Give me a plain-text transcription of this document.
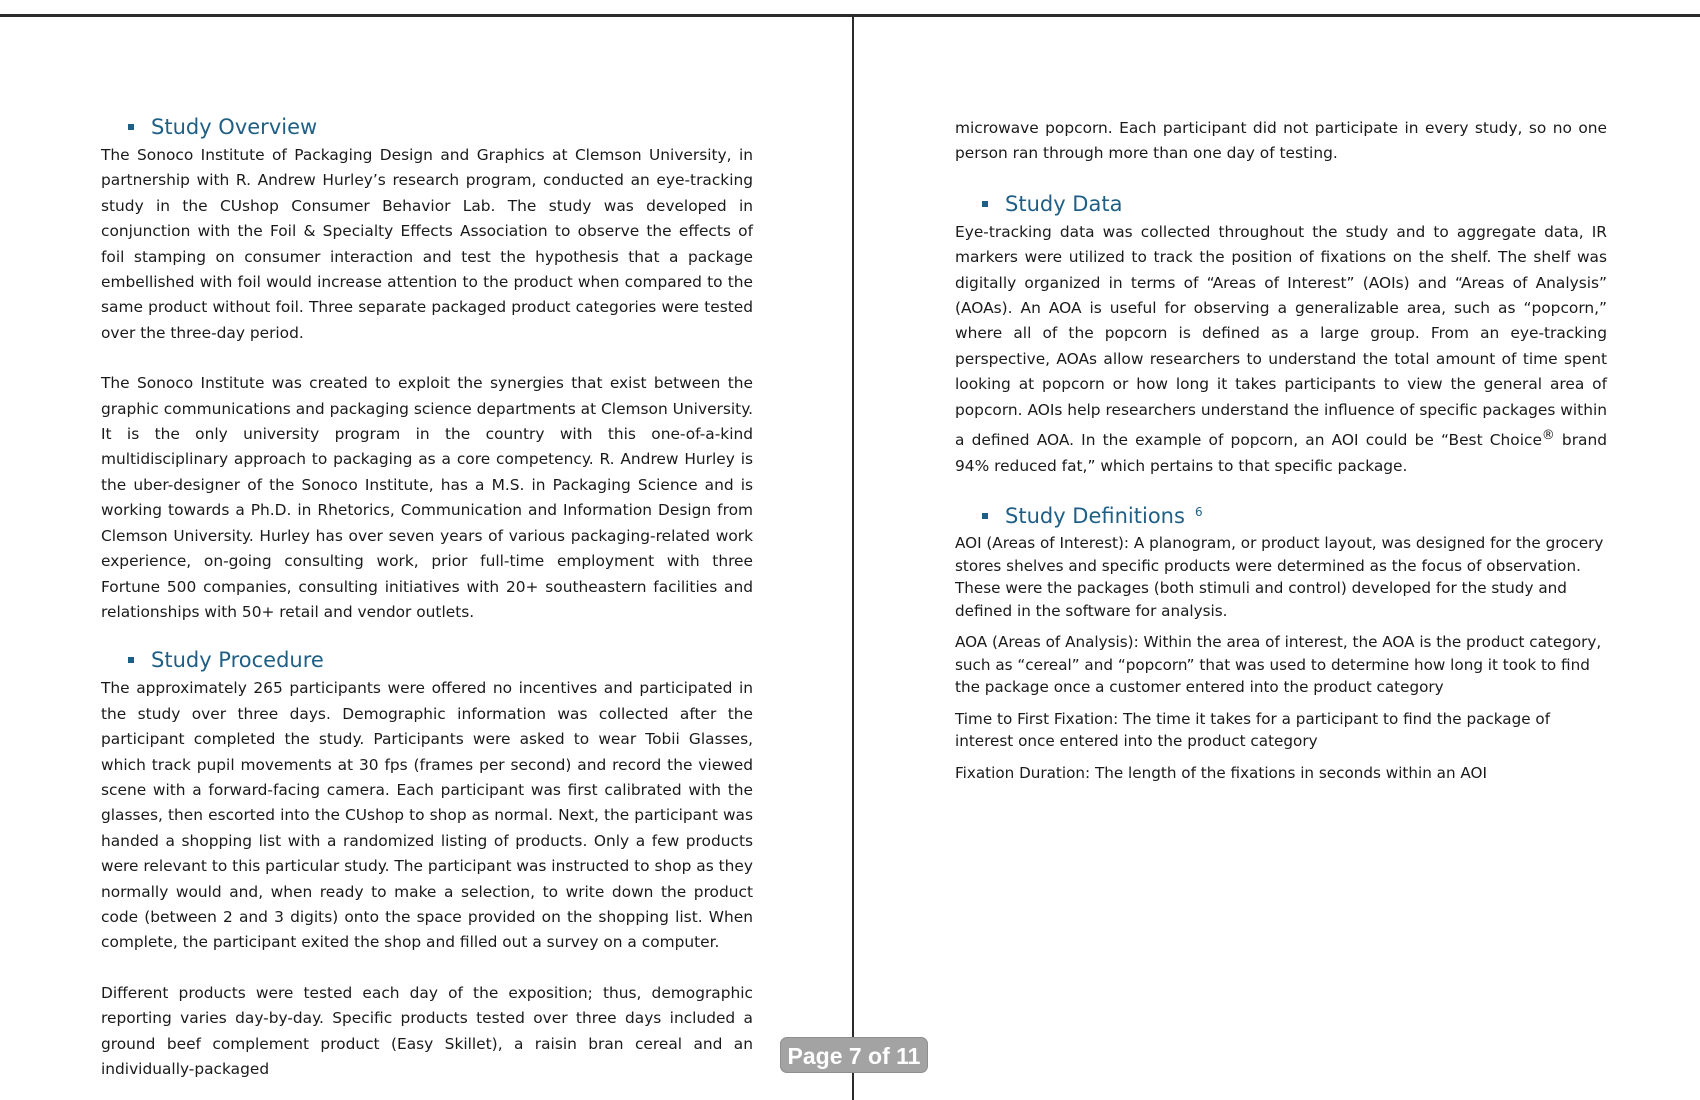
Study Overview

The Sonoco Institute of Packaging Design and Graphics at Clemson University, in partnership with R. Andrew Hurley’s research program, conducted an eye-tracking study in the CUshop Consumer Behavior Lab. The study was developed in conjunction with the Foil & Specialty Effects Association to observe the effects of foil stamping on consumer interaction and test the hypothesis that a package embellished with foil would increase attention to the product when compared to the same product without foil. Three separate packaged product categories were tested over the three-day period.

The Sonoco Institute was created to exploit the synergies that exist between the graphic communications and packaging science departments at Clemson University. It is the only university program in the country with this one-of-a-kind multidisciplinary approach to packaging as a core competency. R. Andrew Hurley is the uber-designer of the Sonoco Institute, has a M.S. in Packaging Science and is working towards a Ph.D. in Rhetorics, Communication and Information Design from Clemson University. Hurley has over seven years of various packaging-related work experience, on-going consulting work, prior full-time employment with three Fortune 500 companies, consulting initiatives with 20+ southeastern facilities and relationships with 50+ retail and vendor outlets.

Study Procedure

The approximately 265 participants were offered no incentives and participated in the study over three days. Demographic information was collected after the participant completed the study. Participants were asked to wear Tobii Glasses, which track pupil movements at 30 fps (frames per second) and record the viewed scene with a forward-facing camera. Each participant was first calibrated with the glasses, then escorted into the CUshop to shop as normal. Next, the participant was handed a shopping list with a randomized listing of products. Only a few products were relevant to this particular study. The participant was instructed to shop as they normally would and, when ready to make a selection, to write down the product code (between 2 and 3 digits) onto the space provided on the shopping list. When complete, the participant exited the shop and filled out a survey on a computer.

Different products were tested each day of the exposition; thus, demographic reporting varies day-by-day. Specific products tested over three days included a ground beef complement product (Easy Skillet), a raisin bran cereal and an individually-packaged

microwave popcorn. Each participant did not participate in every study, so no one person ran through more than one day of testing.

Study Data

Eye-tracking data was collected throughout the study and to aggregate data, IR markers were utilized to track the position of fixations on the shelf. The shelf was digitally organized in terms of “Areas of Interest” (AOIs) and “Areas of Analysis” (AOAs). An AOA is useful for observing a generalizable area, such as “popcorn,” where all of the popcorn is defined as a large group. From an eye-tracking perspective, AOAs allow researchers to understand the total amount of time spent looking at popcorn or how long it takes participants to view the general area of popcorn. AOIs help researchers understand the influence of specific packages within a defined AOA. In the example of popcorn, an AOI could be “Best Choice® brand 94% reduced fat,” which pertains to that specific package.

Study Definitions $^6$

AOI (Areas of Interest): A planogram, or product layout, was designed for the grocery stores shelves and specific products were determined as the focus of observation. These were the packages (both stimuli and control) developed for the study and defined in the software for analysis.

AOA (Areas of Analysis): Within the area of interest, the AOA is the product category, such as “cereal” and “popcorn” that was used to determine how long it took to find the package once a customer entered into the product category

Time to First Fixation: The time it takes for a participant to find the package of interest once entered into the product category

Fixation Duration: The length of the fixations in seconds within an AOI

Page 7 of 11
